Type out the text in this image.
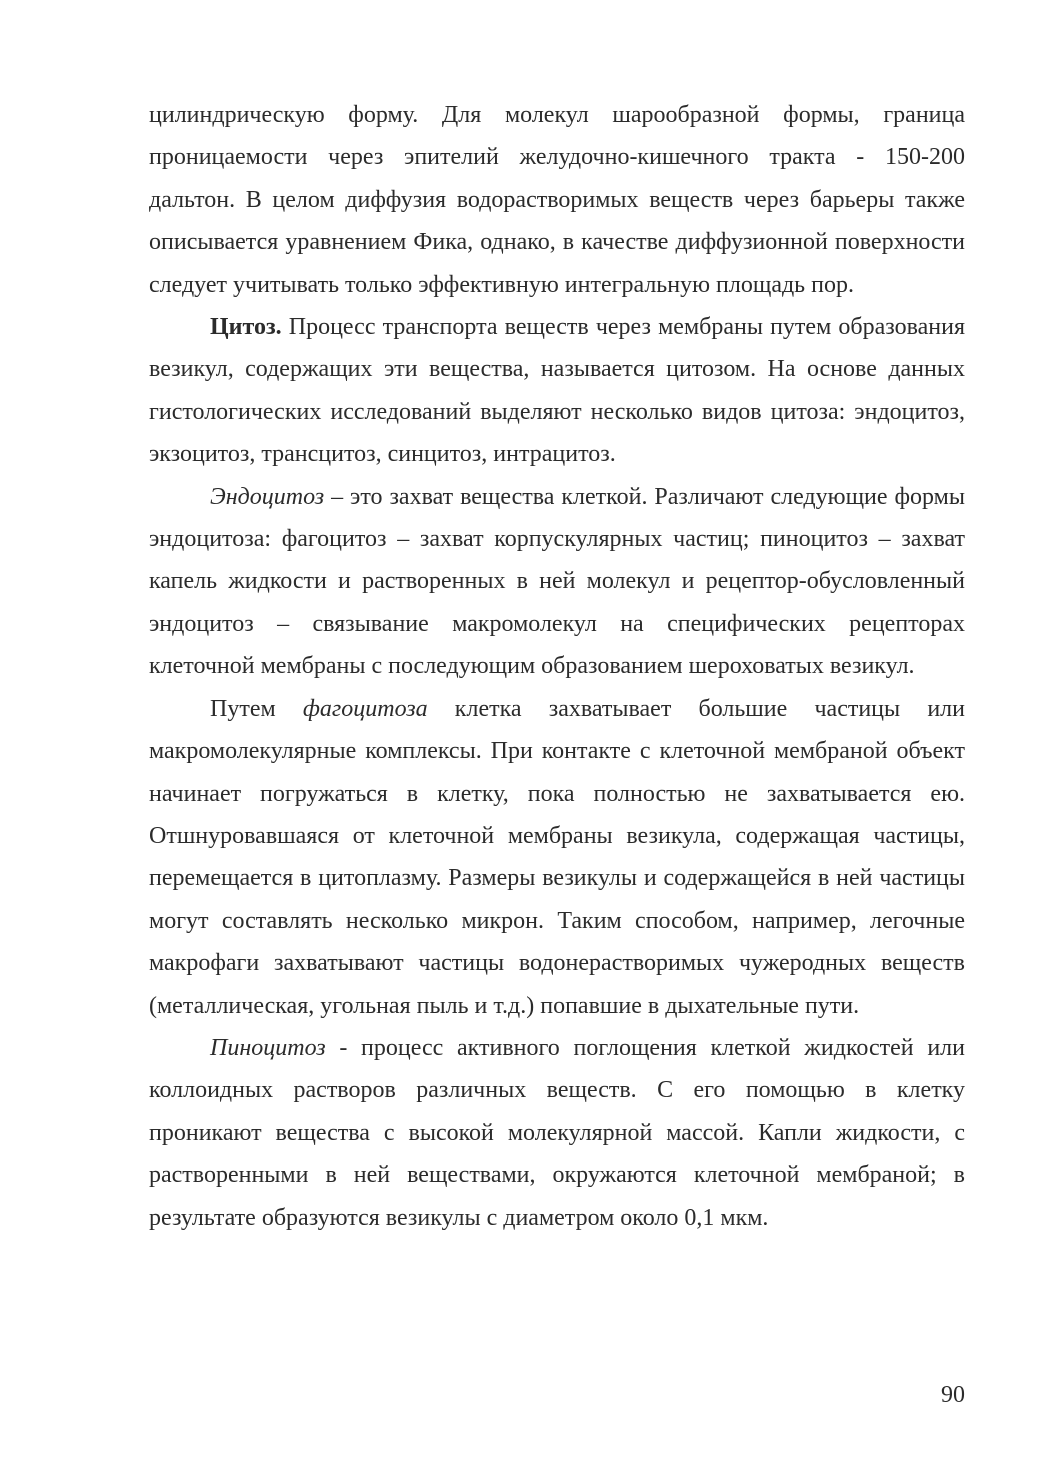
цилиндрическую форму. Для молекул шарообразной формы, граница проницаемости через эпителий желудочно-кишечного тракта - 150-200 дальтон. В целом диффузия водорастворимых веществ через барьеры также описывается уравнением Фика, однако, в качестве диффузионной поверхности следует учитывать только эффективную интегральную площадь пор.

Цитоз. Процесс транспорта веществ через мембраны путем образования везикул, содержащих эти вещества, называется цитозом. На основе данных гистологических исследований выделяют несколько видов цитоза: эндоцитоз, экзоцитоз, трансцитоз, синцитоз, интрацитоз.

Эндоцитоз – это захват вещества клеткой. Различают следующие формы эндоцитоза: фагоцитоз – захват корпускулярных частиц; пиноцитоз – захват капель жидкости и растворенных в ней молекул и рецептор-обусловленный эндоцитоз – связывание макромолекул на специфических рецепторах клеточной мембраны с последующим образованием шероховатых везикул.

Путем фагоцитоза клетка захватывает большие частицы или макромолекулярные комплексы. При контакте с клеточной мембраной объект начинает погружаться в клетку, пока полностью не захватывается ею. Отшнуровавшаяся от клеточной мембраны везикула, содержащая частицы, перемещается в цитоплазму. Размеры везикулы и содержащейся в ней частицы могут составлять несколько микрон. Таким способом, например, легочные макрофаги захватывают частицы водонерастворимых чужеродных веществ (металлическая, угольная пыль и т.д.) попавшие в дыхательные пути.

Пиноцитоз - процесс активного поглощения клеткой жидкостей или коллоидных растворов различных веществ. С его помощью в клетку проникают вещества с высокой молекулярной массой. Капли жидкости, с растворенными в ней веществами, окружаются клеточной мембраной; в результате образуются везикулы с диаметром около 0,1 мкм.

90
